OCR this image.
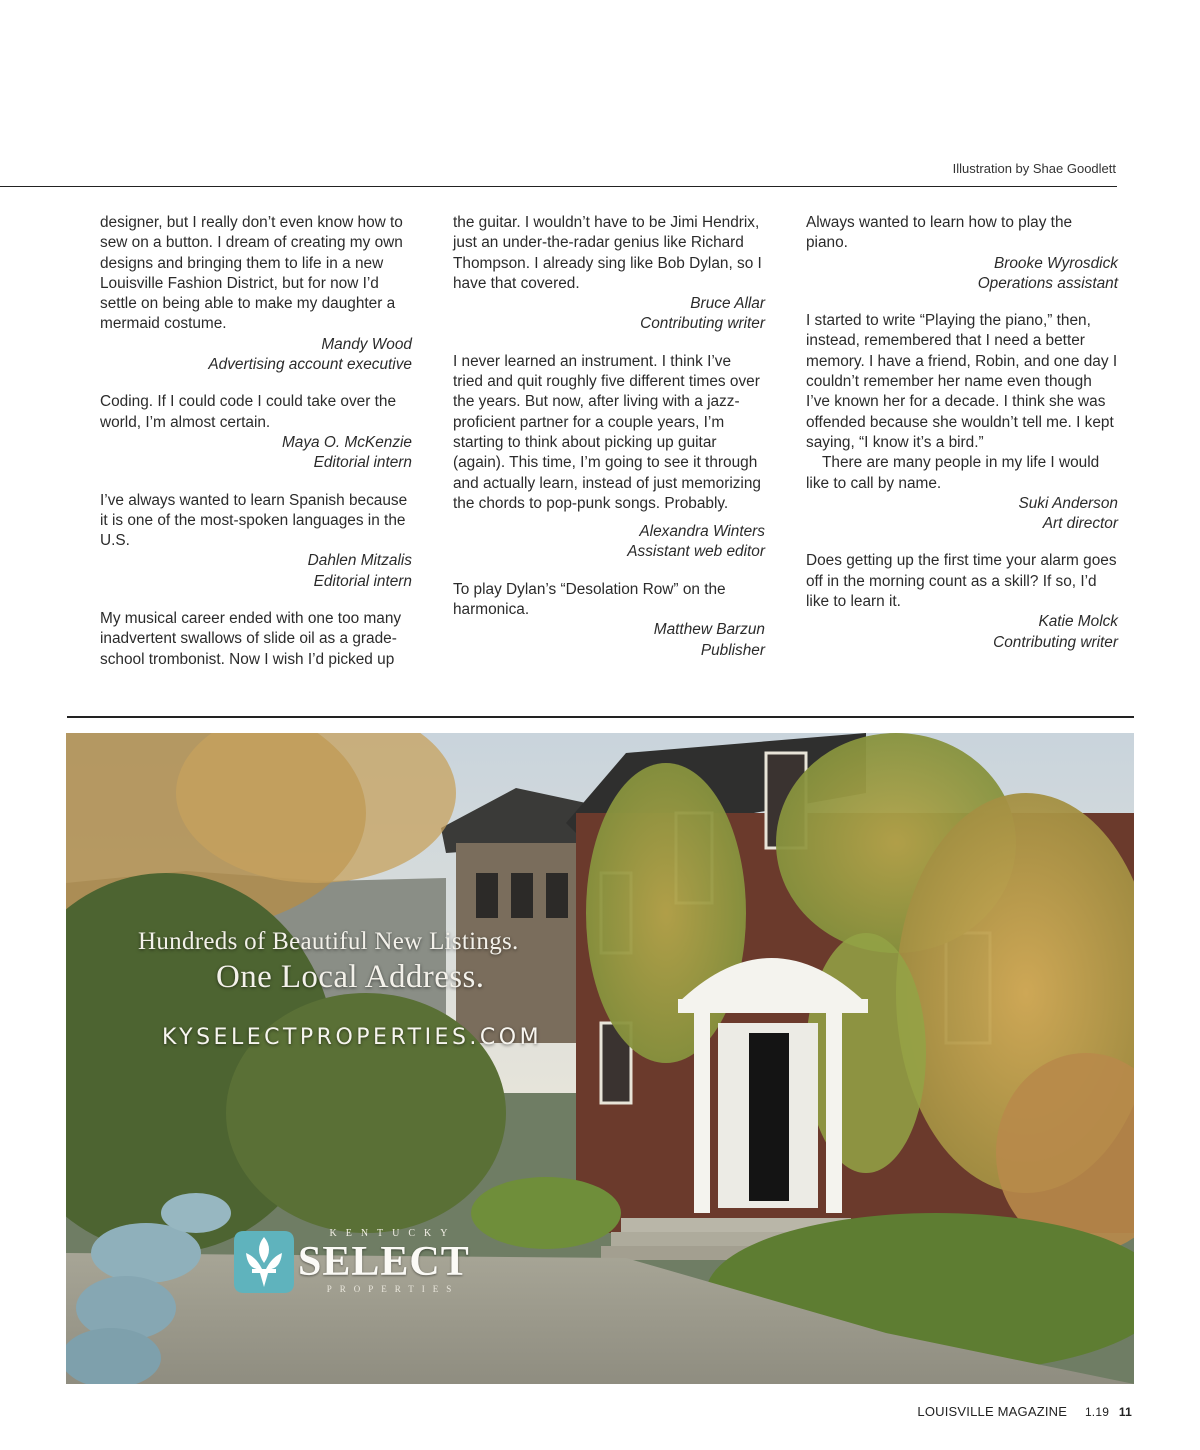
Illustration by Shae Goodlett

designer, but I really don’t even know how to sew on a button. I dream of creating my own designs and bringing them to life in a new Louisville Fashion District, but for now I’d settle on being able to make my daughter a mermaid costume.

Mandy Wood
Advertising account executive

Coding. If I could code I could take over the world, I’m almost certain.

Maya O. McKenzie
Editorial intern

I’ve always wanted to learn Spanish because it is one of the most-spoken languages in the U.S.

Dahlen Mitzalis
Editorial intern

My musical career ended with one too many inadvertent swallows of slide oil as a grade-school trombonist. Now I wish I’d picked up

the guitar. I wouldn’t have to be Jimi Hendrix, just an under-the-radar genius like Richard Thompson. I already sing like Bob Dylan, so I have that covered.

Bruce Allar
Contributing writer

I never learned an instrument. I think I’ve tried and quit roughly five different times over the years. But now, after living with a jazz-proficient partner for a couple years, I’m starting to think about picking up guitar (again). This time, I’m going to see it through and actually learn, instead of just memorizing the chords to pop-punk songs. Probably.

Alexandra Winters
Assistant web editor

To play Dylan’s “Desolation Row” on the harmonica.

Matthew Barzun
Publisher

Always wanted to learn how to play the piano.

Brooke Wyrosdick
Operations assistant

I started to write “Playing the piano,” then, instead, remembered that I need a better memory. I have a friend, Robin, and one day I couldn’t remember her name even though I’ve known her for a decade. I think she was offended because she wouldn’t tell me. I kept saying, “I know it’s a bird.”

There are many people in my life I would like to call by name.

Suki Anderson
Art director

Does getting up the first time your alarm goes off in the morning count as a skill? If so, I’d like to learn it.

Katie Molck
Contributing writer
Hundreds of Beautiful New Listings.
One Local Address.
KYSELECTPROPERTIES.COM
KENTUCKY
SELECT
PROPERTIES
LOUISVILLE MAGAZINE 1.19 11
